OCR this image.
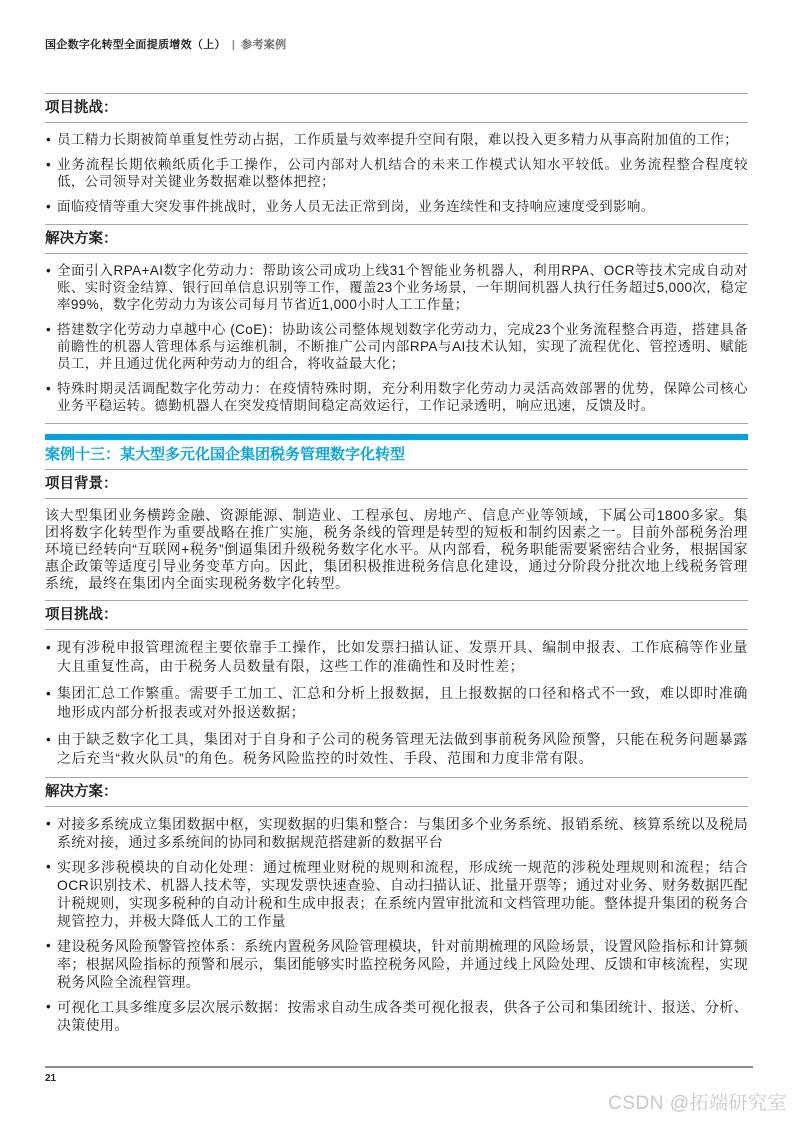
国企数字化转型全面提质增效（上） | 参考案例
项目挑战：
• 员工精力长期被简单重复性劳动占据，工作质量与效率提升空间有限，难以投入更多精力从事高附加值的工作；
• 业务流程长期依赖纸质化手工操作，公司内部对人机结合的未来工作模式认知水平较低。业务流程整合程度较低，公司领导对关键业务数据难以整体把控；
• 面临疫情等重大突发事件挑战时，业务人员无法正常到岗，业务连续性和支持响应速度受到影响。
解决方案：
• 全面引入RPA+AI数字化劳动力：帮助该公司成功上线31个智能业务机器人，利用RPA、OCR等技术完成自动对账、实时资金结算、银行回单信息识别等工作，覆盖23个业务场景，一年期间机器人执行任务超过5,000次，稳定率99%，数字化劳动力为该公司每月节省近1,000小时人工工作量；
• 搭建数字化劳动力卓越中心 (CoE)：协助该公司整体规划数字化劳动力，完成23个业务流程整合再造，搭建具备前瞻性的机器人管理体系与运维机制，不断推广公司内部RPA与AI技术认知，实现了流程优化、管控透明、赋能员工，并且通过优化两种劳动力的组合，将收益最大化；
• 特殊时期灵活调配数字化劳动力：在疫情特殊时期，充分利用数字化劳动力灵活高效部署的优势，保障公司核心业务平稳运转。德勤机器人在突发疫情期间稳定高效运行，工作记录透明，响应迅速，反馈及时。
案例十三：某大型多元化国企集团税务管理数字化转型
项目背景：
该大型集团业务横跨金融、资源能源、制造业、工程承包、房地产、信息产业等领域，下属公司1800多家。集团将数字化转型作为重要战略在推广实施，税务条线的管理是转型的短板和制约因素之一。目前外部税务治理环境已经转向“互联网+税务”倒逼集团升级税务数字化水平。从内部看，税务职能需要紧密结合业务，根据国家惠企政策等适度引导业务变革方向。因此，集团积极推进税务信息化建设，通过分阶段分批次地上线税务管理系统，最终在集团内全面实现税务数字化转型。
项目挑战：
• 现有涉税申报管理流程主要依靠手工操作，比如发票扫描认证、发票开具、编制申报表、工作底稿等作业量大且重复性高，由于税务人员数量有限，这些工作的准确性和及时性差；
• 集团汇总工作繁重。需要手工加工、汇总和分析上报数据，且上报数据的口径和格式不一致，难以即时准确地形成内部分析报表或对外报送数据；
• 由于缺乏数字化工具，集团对于自身和子公司的税务管理无法做到事前税务风险预警，只能在税务问题暴露之后充当“救火队员”的角色。税务风险监控的时效性、手段、范围和力度非常有限。
解决方案：
• 对接多系统成立集团数据中枢，实现数据的归集和整合：与集团多个业务系统、报销系统、核算系统以及税局系统对接，通过多系统间的协同和数据规范搭建新的数据平台
• 实现多涉税模块的自动化处理：通过梳理业财税的规则和流程，形成统一规范的涉税处理规则和流程；结合OCR识别技术、机器人技术等，实现发票快速查验、自动扫描认证、批量开票等；通过对业务、财务数据匹配计税规则，实现多税种的自动计税和生成申报表；在系统内置审批流和文档管理功能。整体提升集团的税务合规管控力，并极大降低人工的工作量
• 建设税务风险预警管控体系：系统内置税务风险管理模块，针对前期梳理的风险场景，设置风险指标和计算频率；根据风险指标的预警和展示，集团能够实时监控税务风险，并通过线上风险处理、反馈和审核流程，实现税务风险全流程管理。
• 可视化工具多维度多层次展示数据：按需求自动生成各类可视化报表，供各子公司和集团统计、报送、分析、决策使用。
21
CSDN @拓端研究室
